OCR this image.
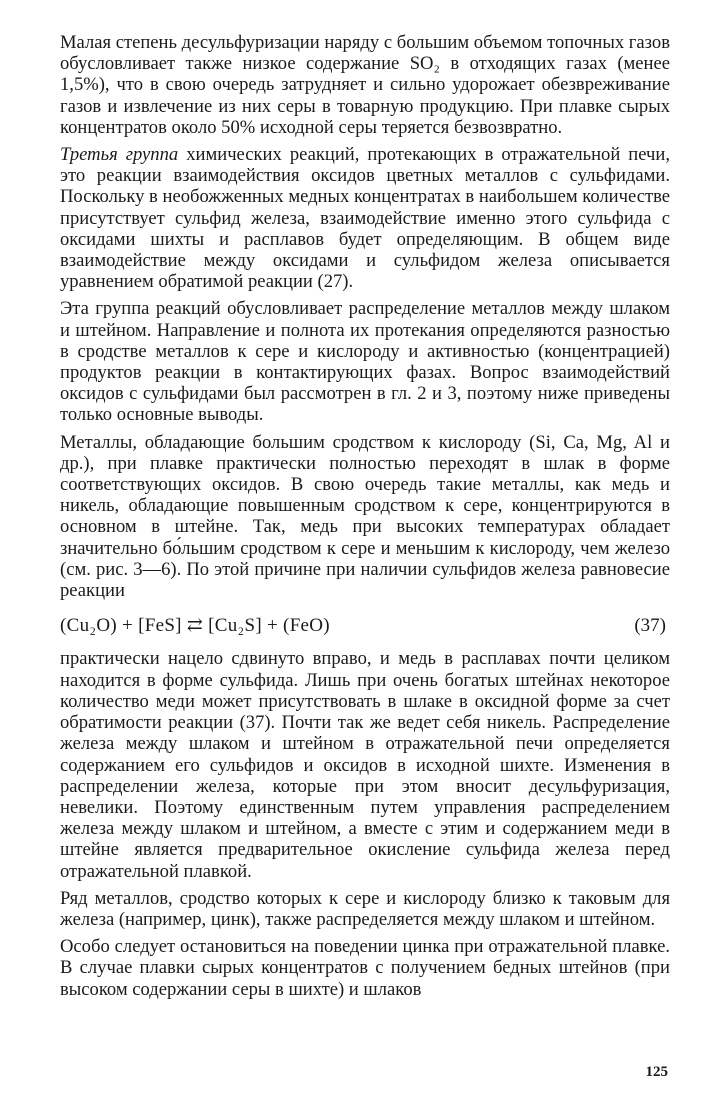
Малая степень десульфуризации наряду с большим объемом топочных газов обусловливает также низкое содержание SO₂ в отходящих газах (менее 1,5%), что в свою очередь затрудняет и сильно удорожает обезвреживание газов и извлечение из них серы в товарную продукцию. При плавке сырых концентратов около 50% исходной серы теряется безвозвратно.

Третья группа химических реакций, протекающих в отражательной печи, это реакции взаимодействия оксидов цветных металлов с сульфидами. Поскольку в необожженных медных концентратах в наибольшем количестве присутствует сульфид железа, взаимодействие именно этого сульфида с оксидами шихты и расплавов будет определяющим. В общем виде взаимодействие между оксидами и сульфидом железа описывается уравнением обратимой реакции (27).

Эта группа реакций обусловливает распределение металлов между шлаком и штейном. Направление и полнота их протекания определяются разностью в сродстве металлов к сере и кислороду и активностью (концентрацией) продуктов реакции в контактирующих фазах. Вопрос взаимодействий оксидов с сульфидами был рассмотрен в гл. 2 и 3, поэтому ниже приведены только основные выводы.

Металлы, обладающие большим сродством к кислороду (Si, Ca, Mg, Al и др.), при плавке практически полностью переходят в шлак в форме соответствующих оксидов. В свою очередь такие металлы, как медь и никель, обладающие повышенным сродством к сере, концентрируются в основном в штейне. Так, медь при высоких температурах обладает значительно бо́льшим сродством к сере и меньшим к кислороду, чем железо (см. рис. 3—6). По этой причине при наличии сульфидов железа равновесие реакции

(Cu₂O) + [FeS] ⇄ [Cu₂S] + (FeO)	(37)

практически нацело сдвинуто вправо, и медь в расплавах почти целиком находится в форме сульфида. Лишь при очень богатых штейнах некоторое количество меди может присутствовать в шлаке в оксидной форме за счет обратимости реакции (37). Почти так же ведет себя никель. Распределение железа между шлаком и штейном в отражательной печи определяется содержанием его сульфидов и оксидов в исходной шихте. Изменения в распределении железа, которые при этом вносит десульфуризация, невелики. Поэтому единственным путем управления распределением железа между шлаком и штейном, а вместе с этим и содержанием меди в штейне является предварительное окисление сульфида железа перед отражательной плавкой.

Ряд металлов, сродство которых к сере и кислороду близко к таковым для железа (например, цинк), также распределяется между шлаком и штейном.

Особо следует остановиться на поведении цинка при отражательной плавке. В случае плавки сырых концентратов с получением бедных штейнов (при высоком содержании серы в шихте) и шлаков

125
